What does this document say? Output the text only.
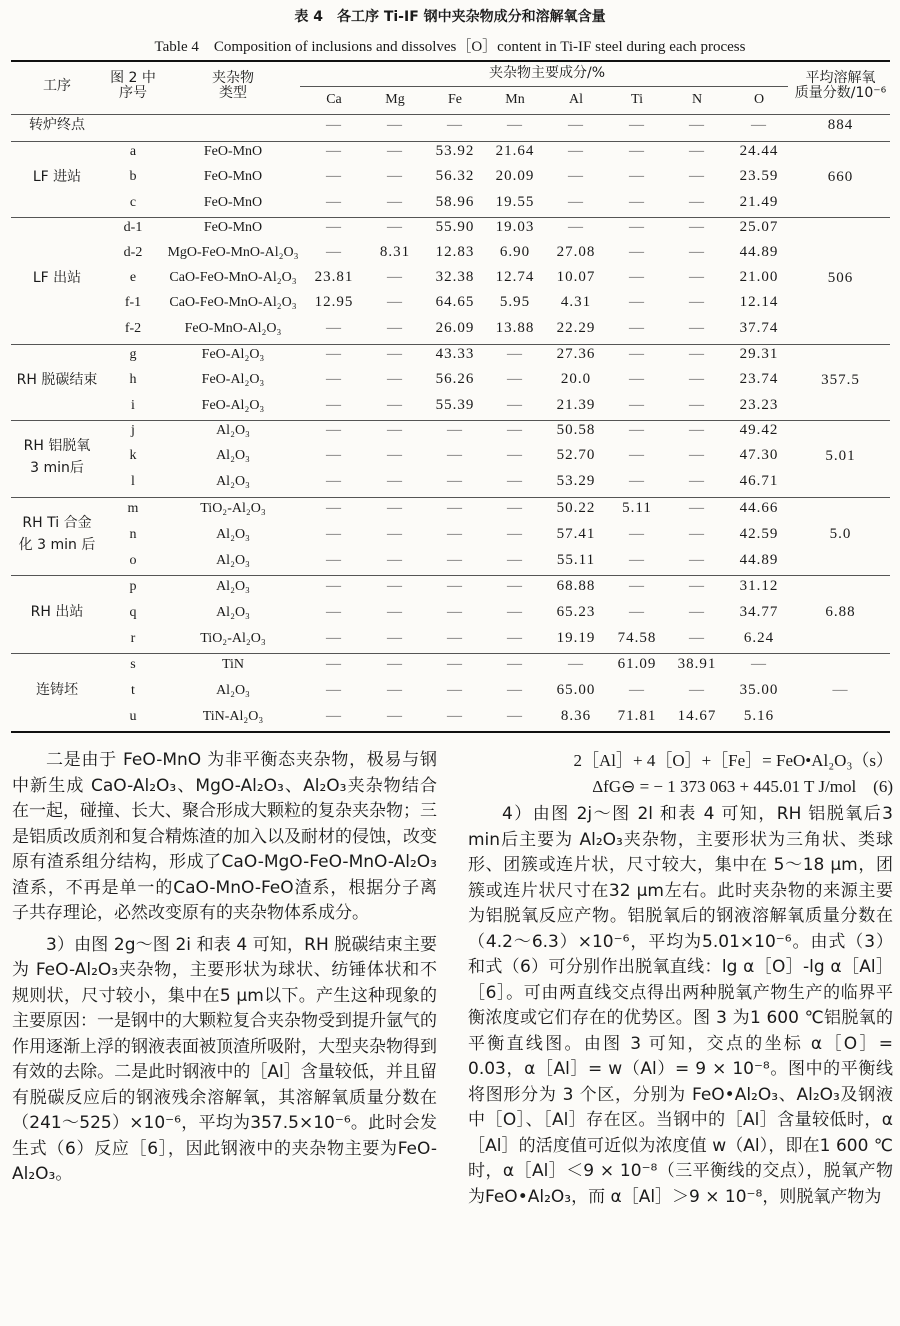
表 4　各工序 Ti-IF 钢中夹杂物成分和溶解氧含量
Table 4　Composition of inclusions and dissolves［O］content in Ti-IF steel during each process
工序	图 2 中
序号	夹杂物
类型	夹杂物主要成分/%								平均溶解氧
质量分数/10⁻⁶
			Ca	Mg	Fe	Mn	Al	Ti	N	O	
转炉终点			—	—	—	—	—	—	—	—	884
LF 进站	a	FeO-MnO	—	—	53.92	21.64	—	—	—	24.44	660
	b	FeO-MnO	—	—	56.32	20.09	—	—	—	23.59	
	c	FeO-MnO	—	—	58.96	19.55	—	—	—	21.49	
LF 出站	d-1	FeO-MnO	—	—	55.90	19.03	—	—	—	25.07	506
	d-2	MgO-FeO-MnO-Al₂O₃	—	8.31	12.83	6.90	27.08	—	—	44.89	
	e	CaO-FeO-MnO-Al₂O₃	23.81	—	32.38	12.74	10.07	—	—	21.00	
	f-1	CaO-FeO-MnO-Al₂O₃	12.95	—	64.65	5.95	4.31	—	—	12.14	
	f-2	FeO-MnO-Al₂O₃	—	—	26.09	13.88	22.29	—	—	37.74	
RH 脱碳结束	g	FeO-Al₂O₃	—	—	43.33	—	27.36	—	—	29.31	357.5
	h	FeO-Al₂O₃	—	—	56.26	—	20.0	—	—	23.74	
	i	FeO-Al₂O₃	—	—	55.39	—	21.39	—	—	23.23	
RH 铝脱氧
3 min后	j	Al₂O₃	—	—	—	—	50.58	—	—	49.42	5.01
	k	Al₂O₃	—	—	—	—	52.70	—	—	47.30	
	l	Al₂O₃	—	—	—	—	53.29	—	—	46.71	
RH Ti 合金
化 3 min 后	m	TiO₂-Al₂O₃	—	—	—	—	50.22	5.11	—	44.66	5.0
	n	Al₂O₃	—	—	—	—	57.41	—	—	42.59	
	o	Al₂O₃	—	—	—	—	55.11	—	—	44.89	
RH 出站	p	Al₂O₃	—	—	—	—	68.88	—	—	31.12	6.88
	q	Al₂O₃	—	—	—	—	65.23	—	—	34.77	
	r	TiO₂-Al₂O₃	—	—	—	—	19.19	74.58	—	6.24	
连铸坯	s	TiN	—	—	—	—	—	61.09	38.91	—	—
	t	Al₂O₃	—	—	—	—	65.00	—	—	35.00	
	u	TiN-Al₂O₃	—	—	—	—	8.36	71.81	14.67	5.16	

二是由于 FeO-MnO 为非平衡态夹杂物，极易与钢中新生成 CaO-Al₂O₃、MgO-Al₂O₃、Al₂O₃夹杂物结合在一起，碰撞、长大、聚合形成大颗粒的复杂夹杂物；三是铝质改质剂和复合精炼渣的加入以及耐材的侵蚀，改变原有渣系组分结构，形成了CaO-MgO-FeO-MnO-Al₂O₃渣系，不再是单一的CaO-MnO-FeO渣系，根据分子离子共存理论，必然改变原有的夹杂物体系成分。

3）由图 2g～图 2i 和表 4 可知，RH 脱碳结束主要为 FeO-Al₂O₃夹杂物，主要形状为球状、纺锤体状和不规则状，尺寸较小，集中在5 μm以下。产生这种现象的主要原因：一是钢中的大颗粒复合夹杂物受到提升氩气的作用逐渐上浮的钢液表面被顶渣所吸附，大型夹杂物得到有效的去除。二是此时钢液中的［Al］含量较低，并且留有脱碳反应后的钢液残余溶解氧，其溶解氧质量分数在（241～525）×10⁻⁶，平均为357.5×10⁻⁶。此时会发生式（6）反应［6］，因此钢液中的夹杂物主要为FeO-Al₂O₃。

2［Al］+ 4［O］+［Fe］= FeO•Al₂O₃（s）

ΔfG⊖ = − 1 373 063 + 445.01 T J/mol　(6)

4）由图 2j～图 2l 和表 4 可知，RH 铝脱氧后3 min后主要为 Al₂O₃夹杂物，主要形状为三角状、类球形、团簇或连片状，尺寸较大，集中在 5～18 μm，团簇或连片状尺寸在32 μm左右。此时夹杂物的来源主要为铝脱氧反应产物。铝脱氧后的钢液溶解氧质量分数在（4.2～6.3）×10⁻⁶，平均为5.01×10⁻⁶。由式（3）和式（6）可分别作出脱氧直线：lg α［O］-lg α［Al］［6］。可由两直线交点得出两种脱氧产物生产的临界平衡浓度或它们存在的优势区。图 3 为1 600 ℃铝脱氧的平衡直线图。由图 3 可知，交点的坐标 α［O］= 0.03，α［Al］= w（Al）= 9 × 10⁻⁸。图中的平衡线将图形分为 3 个区，分别为 FeO•Al₂O₃、Al₂O₃及钢液中［O］、［Al］存在区。当钢中的［Al］含量较低时，α［Al］的活度值可近似为浓度值 w（Al），即在1 600 ℃时，α［Al］＜9 × 10⁻⁸（三平衡线的交点），脱氧产物为FeO•Al₂O₃，而 α［Al］＞9 × 10⁻⁸，则脱氧产物为
